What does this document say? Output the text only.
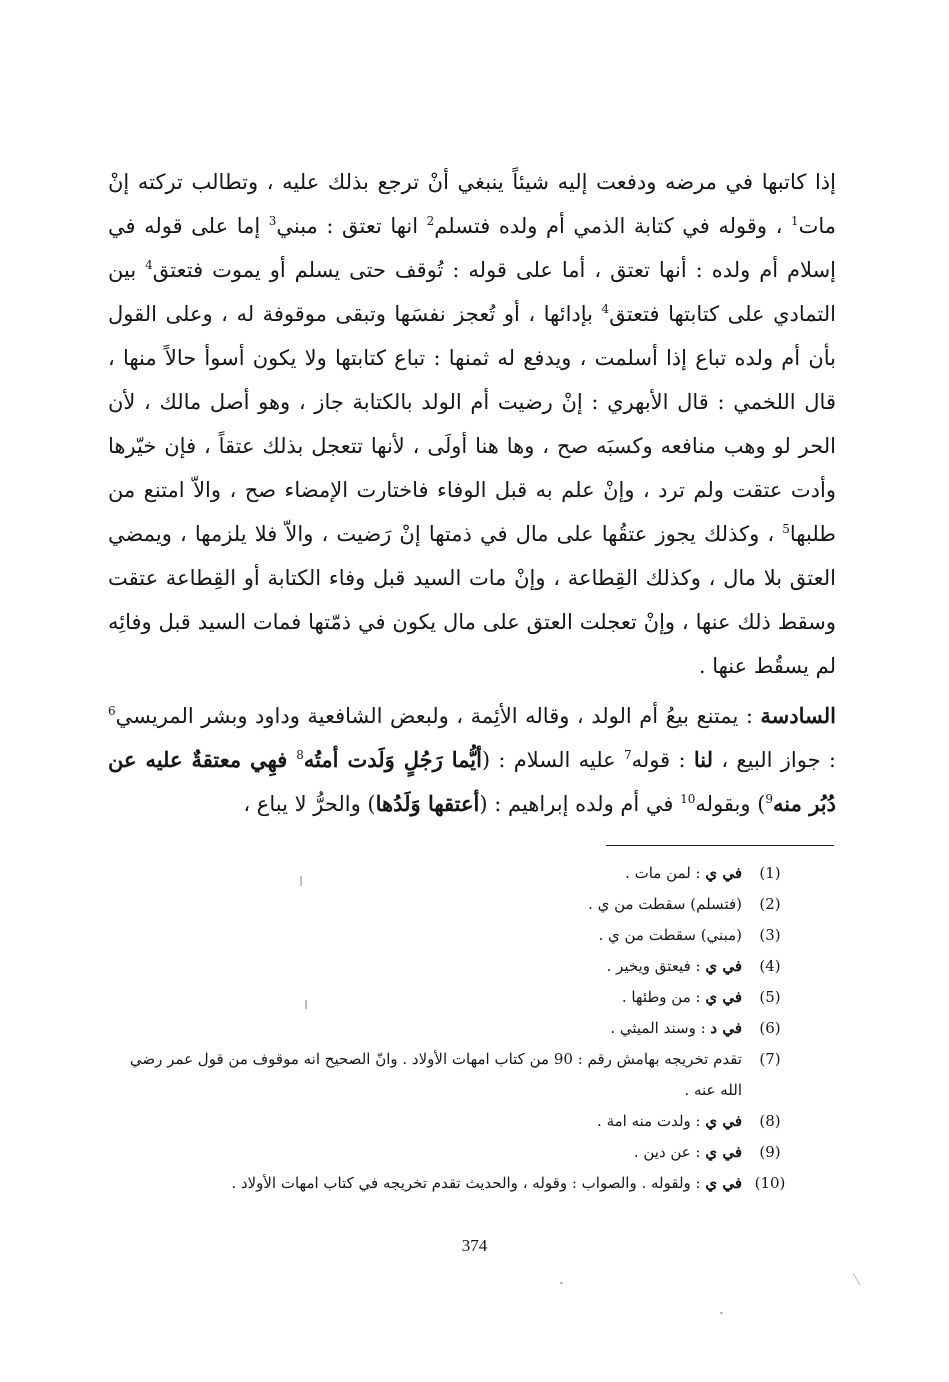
إذا كاتبها في مرضه ودفعت إليه شيئاً ينبغي أنْ ترجع بذلك عليه ، وتطالب تركته إنْ مات$^1$ ، وقوله في كتابة الذمي أم ولده فتسلم$^2$ انها تعتق : مبني$^3$ إما على قوله في إسلام أم ولده : أنها تعتق ، أما على قوله : تُوقف حتى يسلم أو يموت فتعتق$^4$ بين التمادي على كتابتها فتعتق$^4$ بإدائها ، أو تُعجز نفسَها وتبقى موقوفة له ، وعلى القول بأن أم ولده تباع إذا أسلمت ، ويدفع له ثمنها : تباع كتابتها ولا يكون أسوأ حالاً منها ، قال اللخمي : قال الأبهري : إنْ رضيت أم الولد بالكتابة جاز ، وهو أصل مالك ، لأن الحر لو وهب منافعه وكسبَه صح ، وها هنا أولَى ، لأنها تتعجل بذلك عتقاً ، فإن خيّرها وأدت عتقت ولم ترد ، وإنْ علم به قبل الوفاء فاختارت الإمضاء صح ، والاّ امتنع من طلبها$^5$ ، وكذلك يجوز عتقُها على مال في ذمتها إنْ رَضيت ، والاّ فلا يلزمها ، ويمضي العتق بلا مال ، وكذلك القِطاعة ، وإنْ مات السيد قبل وفاء الكتابة أو القِطاعة عتقت وسقط ذلك عنها ، وإنْ تعجلت العتق على مال يكون في ذمّتها فمات السيد قبل وفائِه لم يسقُط عنها .

السادسة : يمتنع بيعُ أم الولد ، وقاله الأئِمة ، ولبعض الشافعية وداود وبشر المريسي$^6$ : جواز البيع ، لنا : قوله$^7$ عليه السلام : (أيُّما رَجُلٍ وَلَدت أمتُه$^8$ فهِي معتقةٌ عليه عن دُبُر منه$^9$) وبقوله$^{10}$ في أم ولده إبراهيم : (أعتقها وَلَدُها) والحرُّ لا يباع ،

(1)
في ي : لمن مات .
(2)
(فتسلم) سقطت من ي .
(3)
(مبني) سقطت من ي .
(4)
في ي : فيعتق ويخير .
(5)
في ي : من وطئها .
(6)
في د : وسند الميثي .
(7)
تقدم تخريجه بهامش رقم : 90 من كتاب امهات الأولاد . وانّ الصحيح انه موقوف من قول عمر رضي الله عنه .
(8)
في ي : ولدت منه امة .
(9)
في ي : عن دين .
(10)
في ي : ولقوله . والصواب : وقوله ، والحديث تقدم تخريجه في كتاب امهات الأولاد .
374
